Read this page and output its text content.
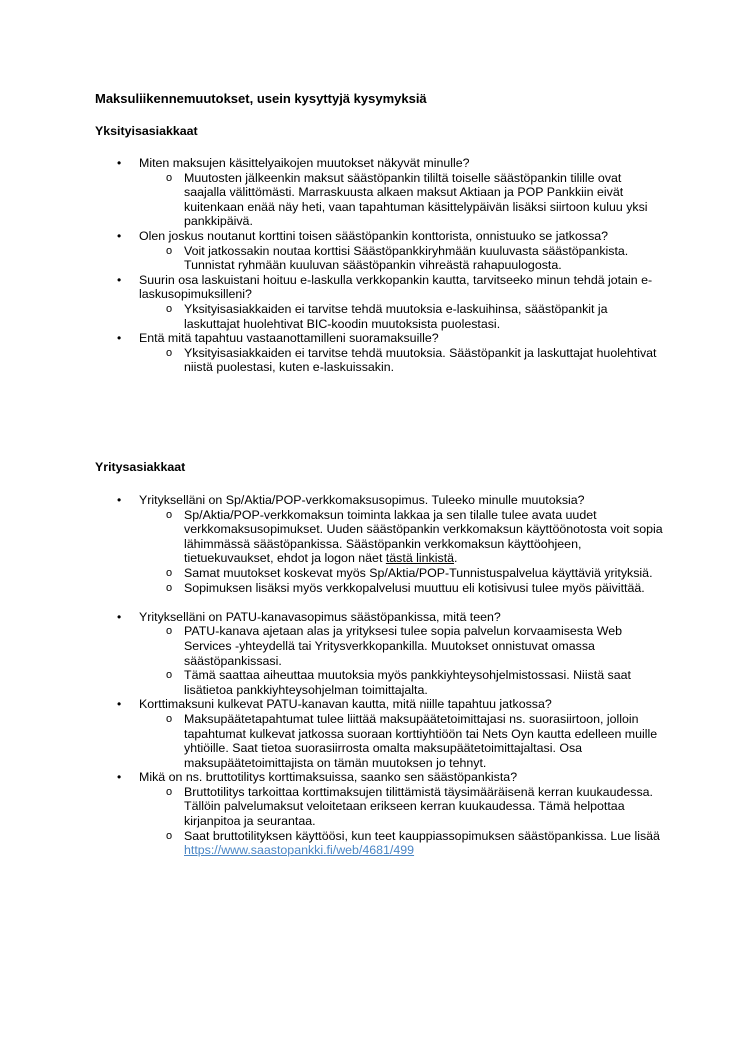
Maksuliikennemuutokset, usein kysyttyjä kysymyksiä
Yksityisasiakkaat
• Miten maksujen käsittelyaikojen muutokset näkyvät minulle?
o Muutosten jälkeenkin maksut säästöpankin tililtä toiselle säästöpankin tilille ovat saajalla välittömästi. Marraskuusta alkaen maksut Aktiaan ja POP Pankkiin eivät kuitenkaan enää näy heti, vaan tapahtuman käsittelypäivän lisäksi siirtoon kuluu yksi pankkipäivä.
• Olen joskus noutanut korttini toisen säästöpankin konttorista, onnistuuko se jatkossa?
o Voit jatkossakin noutaa korttisi Säästöpankkiryhmään kuuluvasta säästöpankista. Tunnistat ryhmään kuuluvan säästöpankin vihreästä rahapuulogosta.
• Suurin osa laskuistani hoituu e-laskulla verkkopankin kautta, tarvitseeko minun tehdä jotain e-laskusopimuksilleni?
o Yksityisasiakkaiden ei tarvitse tehdä muutoksia e-laskuihinsa, säästöpankit ja laskuttajat huolehtivat BIC-koodin muutoksista puolestasi.
• Entä mitä tapahtuu vastaanottamilleni suoramaksuille?
o Yksityisasiakkaiden ei tarvitse tehdä muutoksia. Säästöpankit ja laskuttajat huolehtivat niistä puolestasi, kuten e-laskuissakin.
Yritysasiakkaat
• Yritykselläni on Sp/Aktia/POP-verkkomaksusopimus. Tuleeko minulle muutoksia?
o Sp/Aktia/POP-verkkomaksun toiminta lakkaa ja sen tilalle tulee avata uudet verkkomaksusopimukset. Uuden säästöpankin verkkomaksun käyttöönotosta voit sopia lähimmässä säästöpankissa. Säästöpankin verkkomaksun käyttöohjeen, tietuekuvaukset, ehdot ja logon näet tästä linkistä.
o Samat muutokset koskevat myös Sp/Aktia/POP-Tunnistuspalvelua käyttäviä yrityksiä.
o Sopimuksen lisäksi myös verkkopalvelusi muuttuu eli kotisivusi tulee myös päivittää.
• Yritykselläni on PATU-kanavasopimus säästöpankissa, mitä teen?
o PATU-kanava ajetaan alas ja yrityksesi tulee sopia palvelun korvaamisesta Web Services -yhteydellä tai Yritysverkkopankilla. Muutokset onnistuvat omassa säästöpankissasi.
o Tämä saattaa aiheuttaa muutoksia myös pankkiyhteysohjelmistossasi. Niistä saat lisätietoa pankkiyhteysohjelman toimittajalta.
• Korttimaksuni kulkevat PATU-kanavan kautta, mitä niille tapahtuu jatkossa?
o Maksupäätetapahtumat tulee liittää maksupäätetoimittajasi ns. suorasiirtoon, jolloin tapahtumat kulkevat jatkossa suoraan korttiyhtiöön tai Nets Oyn kautta edelleen muille yhtiöille. Saat tietoa suorasiirrosta omalta maksupäätetoimittajaltasi. Osa maksupäätetoimittajista on tämän muutoksen jo tehnyt.
• Mikä on ns. bruttotilitys korttimaksuissa, saanko sen säästöpankista?
o Bruttotilitys tarkoittaa korttimaksujen tilittämistä täysimääräisenä kerran kuukaudessa. Tällöin palvelumaksut veloitetaan erikseen kerran kuukaudessa. Tämä helpottaa kirjanpitoa ja seurantaa.
o Saat bruttotilityksen käyttöösi, kun teet kauppiassopimuksen säästöpankissa. Lue lisää https://www.saastopankki.fi/web/4681/499
